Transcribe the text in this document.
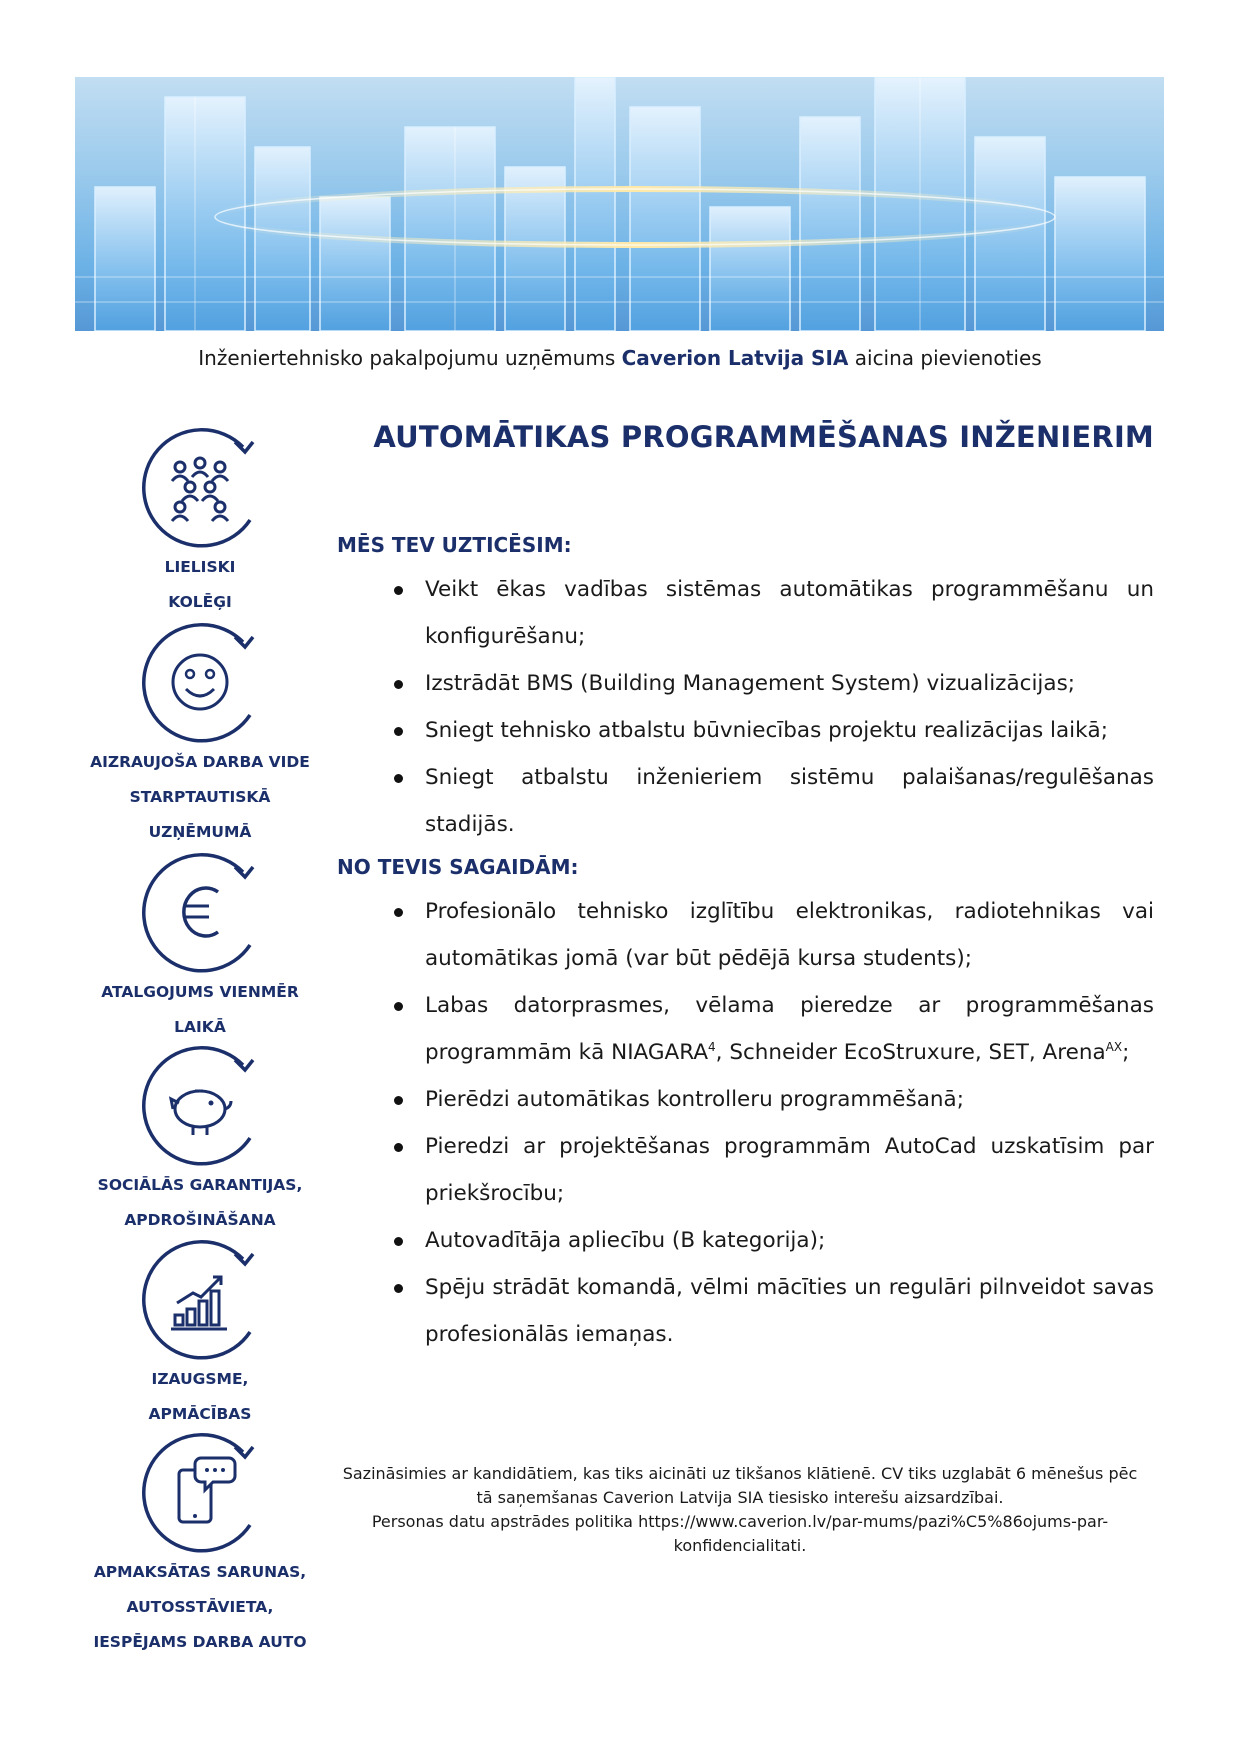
Inženiertehnisko pakalpojumu uzņēmums Caverion Latvija SIA aicina pievienoties
AUTOMĀTIKAS PROGRAMMĒŠANAS INŽENIERIM
MĒS TEV UZTICĒSIM:
Veikt ēkas vadības sistēmas automātikas programmēšanu un konfigurēšanu;
Izstrādāt BMS (Building Management System) vizualizācijas;
Sniegt tehnisko atbalstu būvniecības projektu realizācijas laikā;
Sniegt atbalstu inženieriem sistēmu palaišanas/regulēšanas stadijās.
NO TEVIS SAGAIDĀM:
Profesionālo tehnisko izglītību elektronikas, radiotehnikas vai automātikas jomā (var būt pēdējā kursa students);
Labas datorprasmes, vēlama pieredze ar programmēšanas programmām kā NIAGARA$^4$, Schneider EcoStruxure, SET, Arena$^{AX}$;
Pierēdzi automātikas kontrolleru programmēšanā;
Pieredzi ar projektēšanas programmām AutoCad uzskatīsim par priekšrocību;
Autovadītāja apliecību (B kategorija);
Spēju strādāt komandā, vēlmi mācīties un regulāri pilnveidot savas profesionālās iemaņas.
Sazināsimies ar kandidātiem, kas tiks aicināti uz tikšanos klātienē. CV tiks uzglabāt 6 mēnešus pēc tā saņemšanas Caverion Latvija SIA tiesisko interešu aizsardzībai.
Personas datu apstrādes politika https://www.caverion.lv/par-mums/pazi%C5%86ojums-par-konfidencialitati.
LIELISKI
KOLĒĢI
AIZRAUJOŠA DARBA VIDE
STARPTAUTISKĀ
UZŅĒMUMĀ
ATALGOJUMS VIENMĒR
LAIKĀ
SOCIĀLĀS GARANTIJAS,
APDROŠINĀŠANA
IZAUGSME,
APMĀCĪBAS
APMAKSĀTAS SARUNAS,
AUTOSSTĀVIETA,
IESPĒJAMS DARBA AUTO
